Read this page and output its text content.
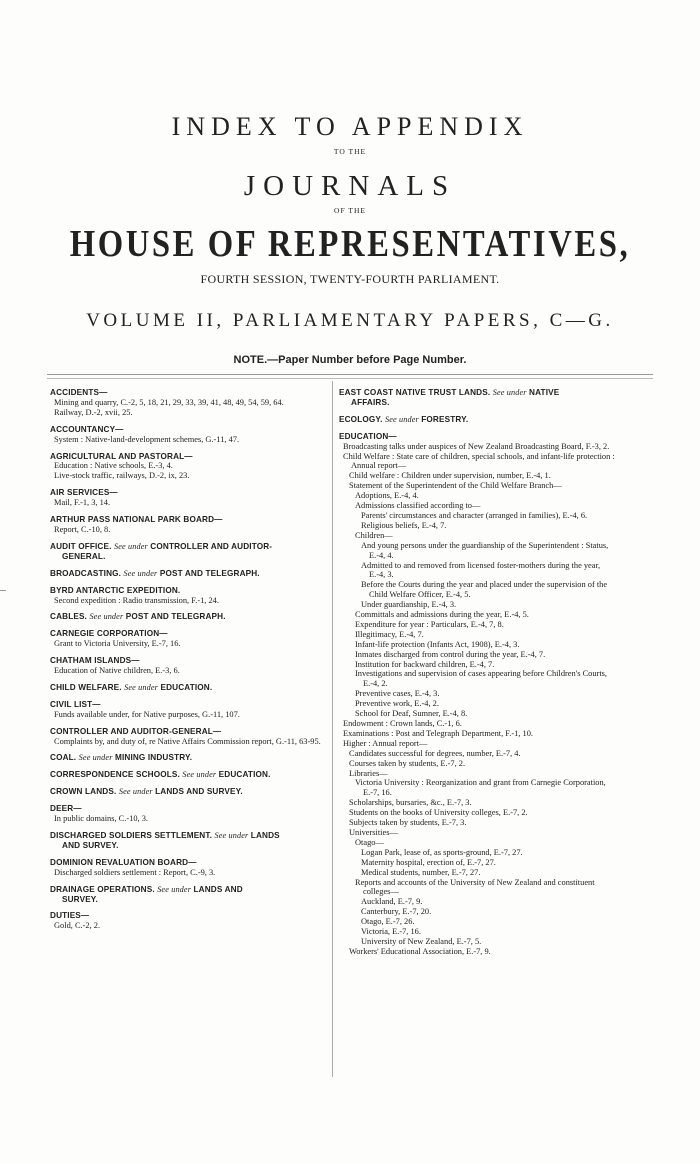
INDEX TO APPENDIX
TO THE
JOURNALS
OF THE
HOUSE OF REPRESENTATIVES,
FOURTH SESSION, TWENTY-FOURTH PARLIAMENT.
VOLUME II, PARLIAMENTARY PAPERS, C—G.
NOTE.—Paper Number before Page Number.
ACCIDENTS—
Mining and quarry, C.-2, 5, 18, 21, 29, 33, 39, 41, 48, 49, 54, 59, 64.
Railway, D.-2, xvii, 25.
ACCOUNTANCY—
System : Native-land-development schemes, G.-11, 47.
AGRICULTURAL AND PASTORAL—
Education : Native schools, E.-3, 4.
Live-stock traffic, railways, D.-2, ix, 23.
AIR SERVICES—
Mail, F.-1, 3, 14.
ARTHUR PASS NATIONAL PARK BOARD—
Report, C.-10, 8.
AUDIT OFFICE. See under CONTROLLER AND AUDITOR-
GENERAL.
BROADCASTING. See under POST AND TELEGRAPH.
BYRD ANTARCTIC EXPEDITION.
Second expedition : Radio transmission, F.-1, 24.
CABLES. See under POST AND TELEGRAPH.
CARNEGIE CORPORATION—
Grant to Victoria University, E.-7, 16.
CHATHAM ISLANDS—
Education of Native children, E.-3, 6.
CHILD WELFARE. See under EDUCATION.
CIVIL LIST—
Funds available under, for Native purposes, G.-11, 107.
CONTROLLER AND AUDITOR-GENERAL—
Complaints by, and duty of, re Native Affairs Commission report, G.-11, 63-95.
COAL. See under MINING INDUSTRY.
CORRESPONDENCE SCHOOLS. See under EDUCATION.
CROWN LANDS. See under LANDS AND SURVEY.
DEER—
In public domains, C.-10, 3.
DISCHARGED SOLDIERS SETTLEMENT. See under LANDS
AND SURVEY.
DOMINION REVALUATION BOARD—
Discharged soldiers settlement : Report, C.-9, 3.
DRAINAGE OPERATIONS. See under LANDS AND
SURVEY.
DUTIES—
Gold, C.-2, 2.
EAST COAST NATIVE TRUST LANDS. See under NATIVE
AFFAIRS.
ECOLOGY. See under FORESTRY.
EDUCATION—
Broadcasting talks under auspices of New Zealand Broadcasting Board, F.-3, 2.
Child Welfare : State care of children, special schools, and infant-life protection : Annual report—
Child welfare : Children under supervision, number, E.-4, 1.
Statement of the Superintendent of the Child Welfare Branch—
Adoptions, E.-4, 4.
Admissions classified according to—
Parents' circumstances and character (arranged in families), E.-4, 6.
Religious beliefs, E.-4, 7.
Children—
And young persons under the guardianship of the Superintendent : Status, E.-4, 4.
Admitted to and removed from licensed foster-mothers during the year, E.-4, 3.
Before the Courts during the year and placed under the supervision of the Child Welfare Officer, E.-4, 5.
Under guardianship, E.-4, 3.
Committals and admissions during the year, E.-4, 5.
Expenditure for year : Particulars, E.-4, 7, 8.
Illegitimacy, E.-4, 7.
Infant-life protection (Infants Act, 1908), E.-4, 3.
Inmates discharged from control during the year, E.-4, 7.
Institution for backward children, E.-4, 7.
Investigations and supervision of cases appearing before Children's Courts, E.-4, 2.
Preventive cases, E.-4, 3.
Preventive work, E.-4, 2.
School for Deaf, Sumner, E.-4, 8.
Endowment : Crown lands, C.-1, 6.
Examinations : Post and Telegraph Department, F.-1, 10.
Higher : Annual report—
Candidates successful for degrees, number, E.-7, 4.
Courses taken by students, E.-7, 2.
Libraries—
Victoria University : Reorganization and grant from Carnegie Corporation, E.-7, 16.
Scholarships, bursaries, &c., E.-7, 3.
Students on the books of University colleges, E.-7, 2.
Subjects taken by students, E.-7, 3.
Universities—
Otago—
Logan Park, lease of, as sports-ground, E.-7, 27.
Maternity hospital, erection of, E.-7, 27.
Medical students, number, E.-7, 27.
Reports and accounts of the University of New Zealand and constituent colleges—
Auckland, E.-7, 9.
Canterbury, E.-7, 20.
Otago, E.-7, 26.
Victoria, E.-7, 16.
University of New Zealand, E.-7, 5.
Workers' Educational Association, E.-7, 9.
